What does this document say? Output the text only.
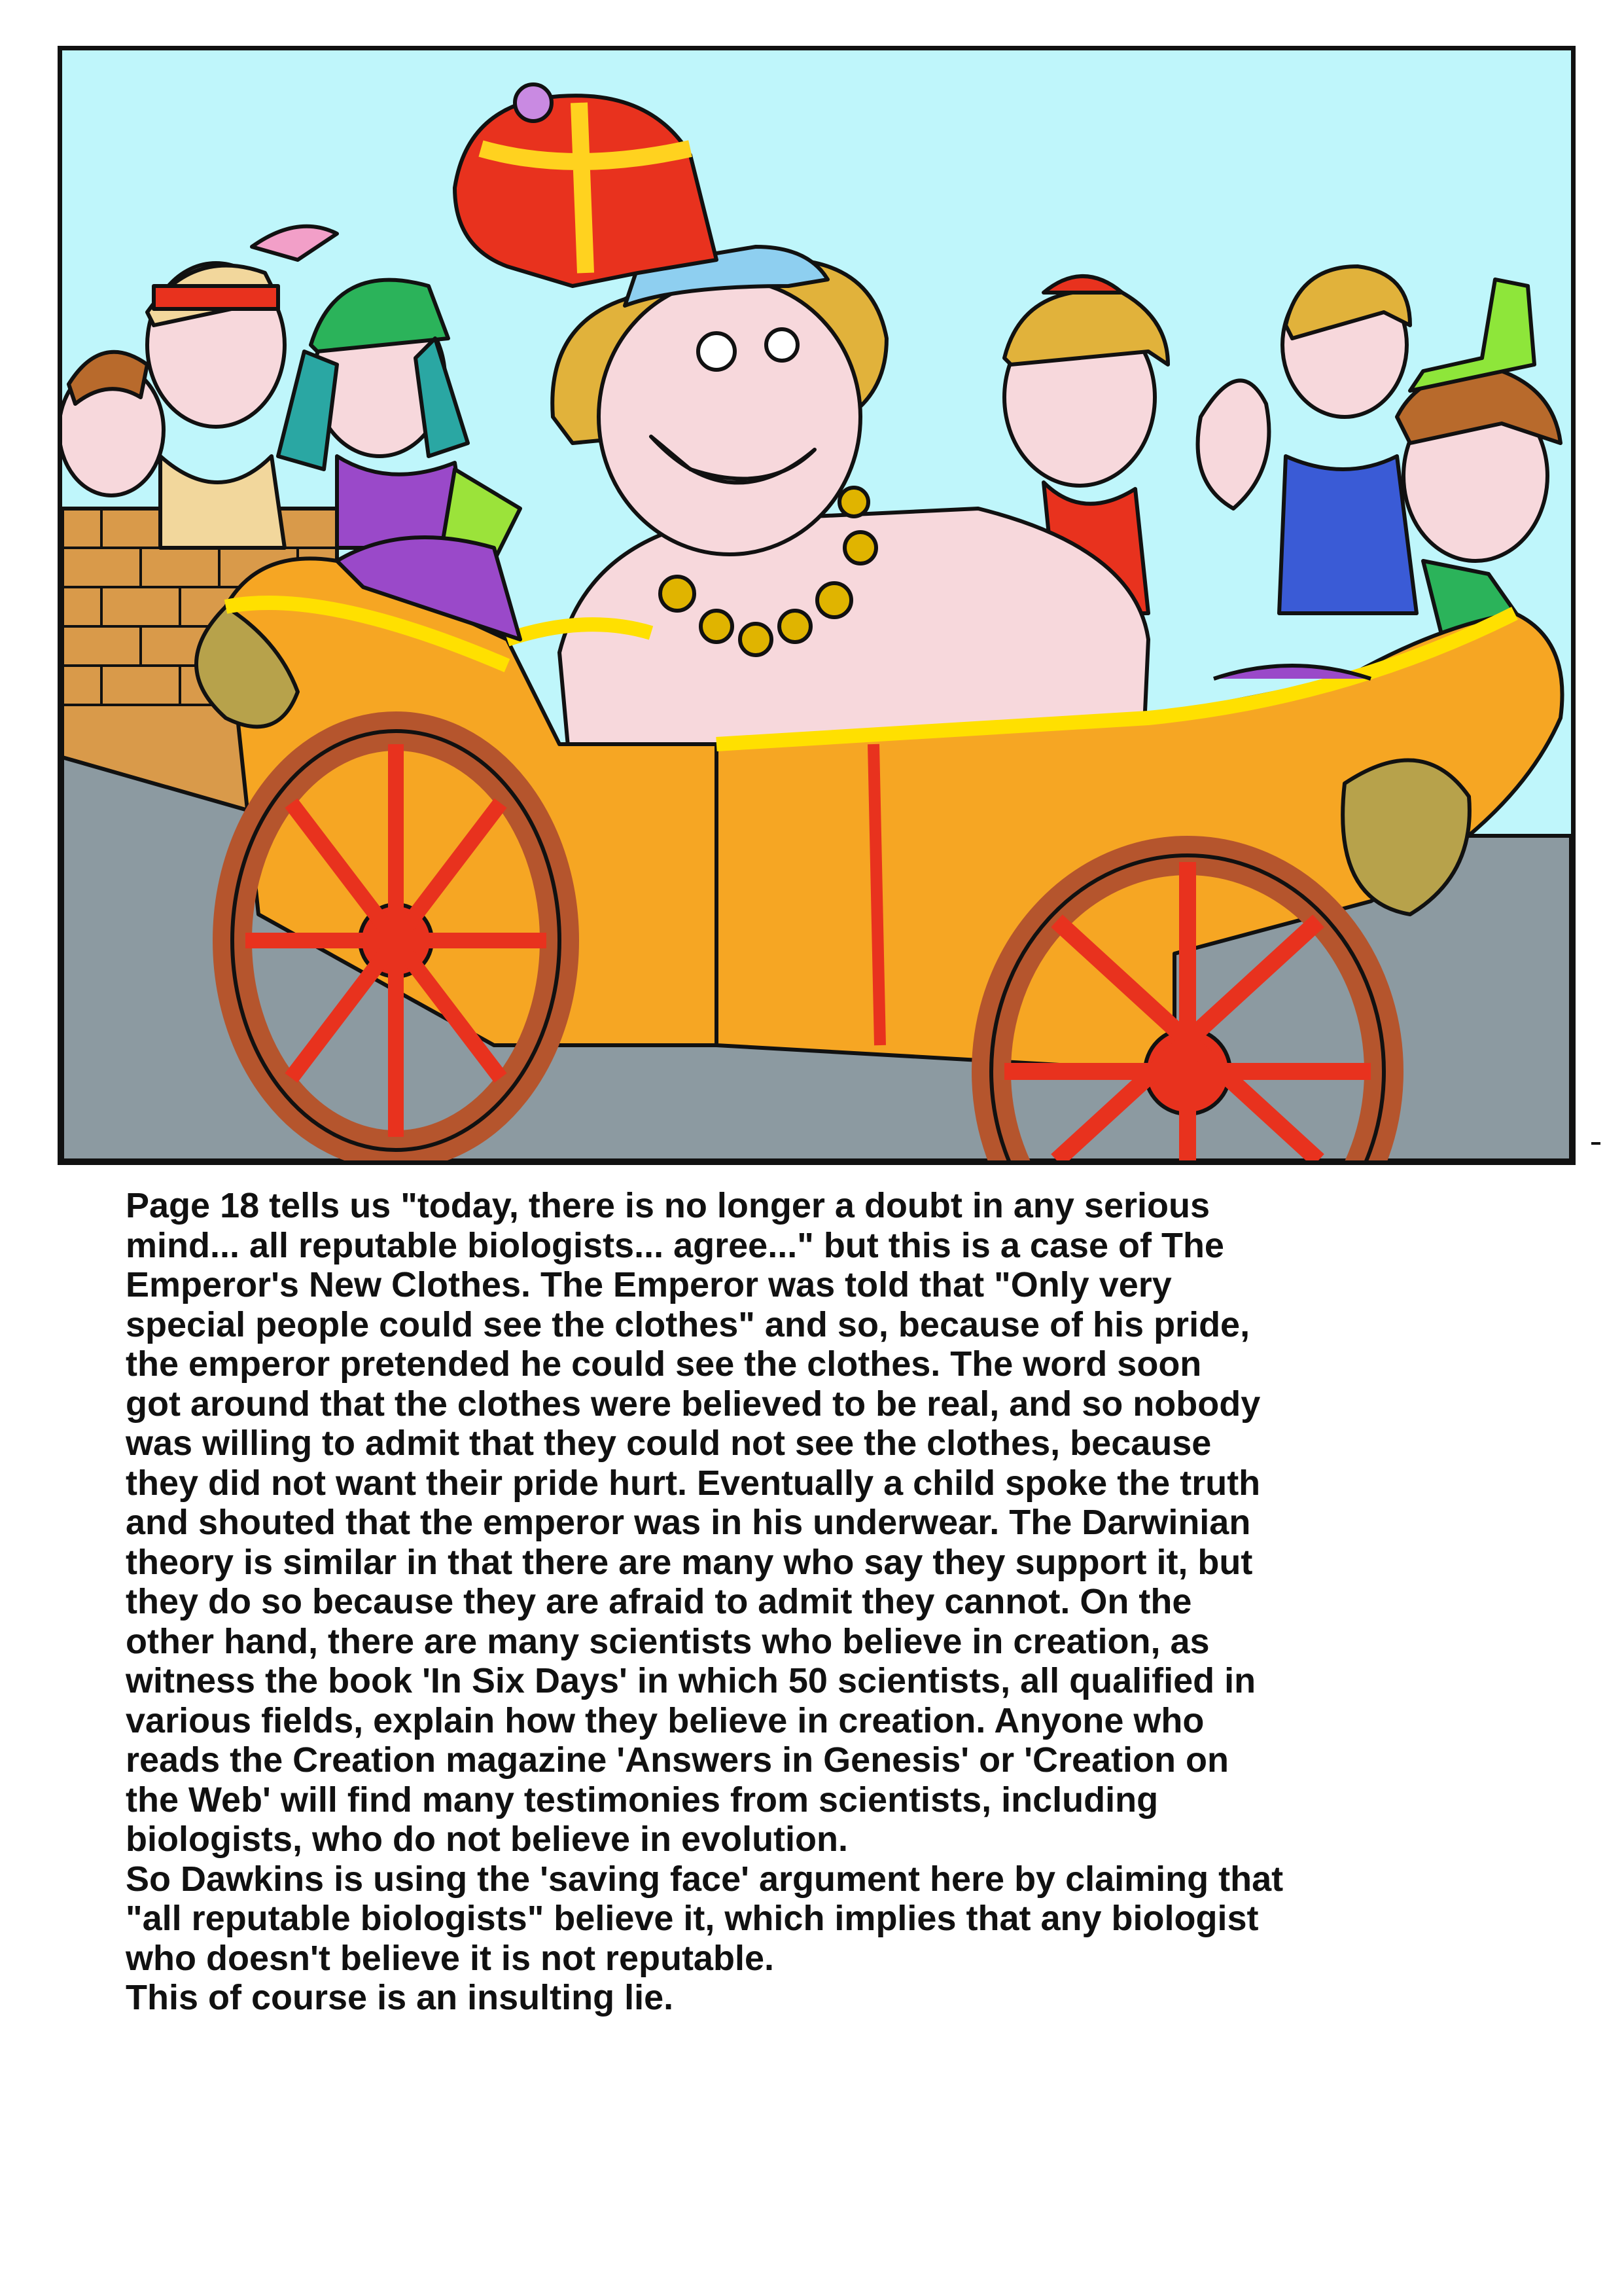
Page 18 tells us "today, there is no longer a doubt in any serious
mind... all reputable biologists... agree..." but this is a case of The
Emperor's New Clothes. The Emperor was told that "Only very
special people could see the clothes" and so, because of his pride,
the emperor pretended he could see the clothes. The word soon
got around that the clothes were believed to be real, and so nobody
was willing to admit that they could not see the clothes, because
they did not want their pride hurt. Eventually a child spoke the truth
and shouted that the emperor was in his underwear. The Darwinian
theory is similar in that there are many who say they support it, but
they do so because they are afraid to admit they cannot. On the
other hand, there are many scientists who believe in creation, as
witness the book 'In Six Days' in which 50 scientists, all qualified in
various fields, explain how they believe in creation. Anyone who
reads the Creation magazine 'Answers in Genesis' or 'Creation on
the Web' will find many testimonies from scientists, including
biologists, who do not believe in evolution.

So Dawkins is using the 'saving face' argument here by claiming that
"all reputable biologists" believe it, which implies that any biologist
who doesn't believe it is not reputable.

This of course is an insulting lie.
